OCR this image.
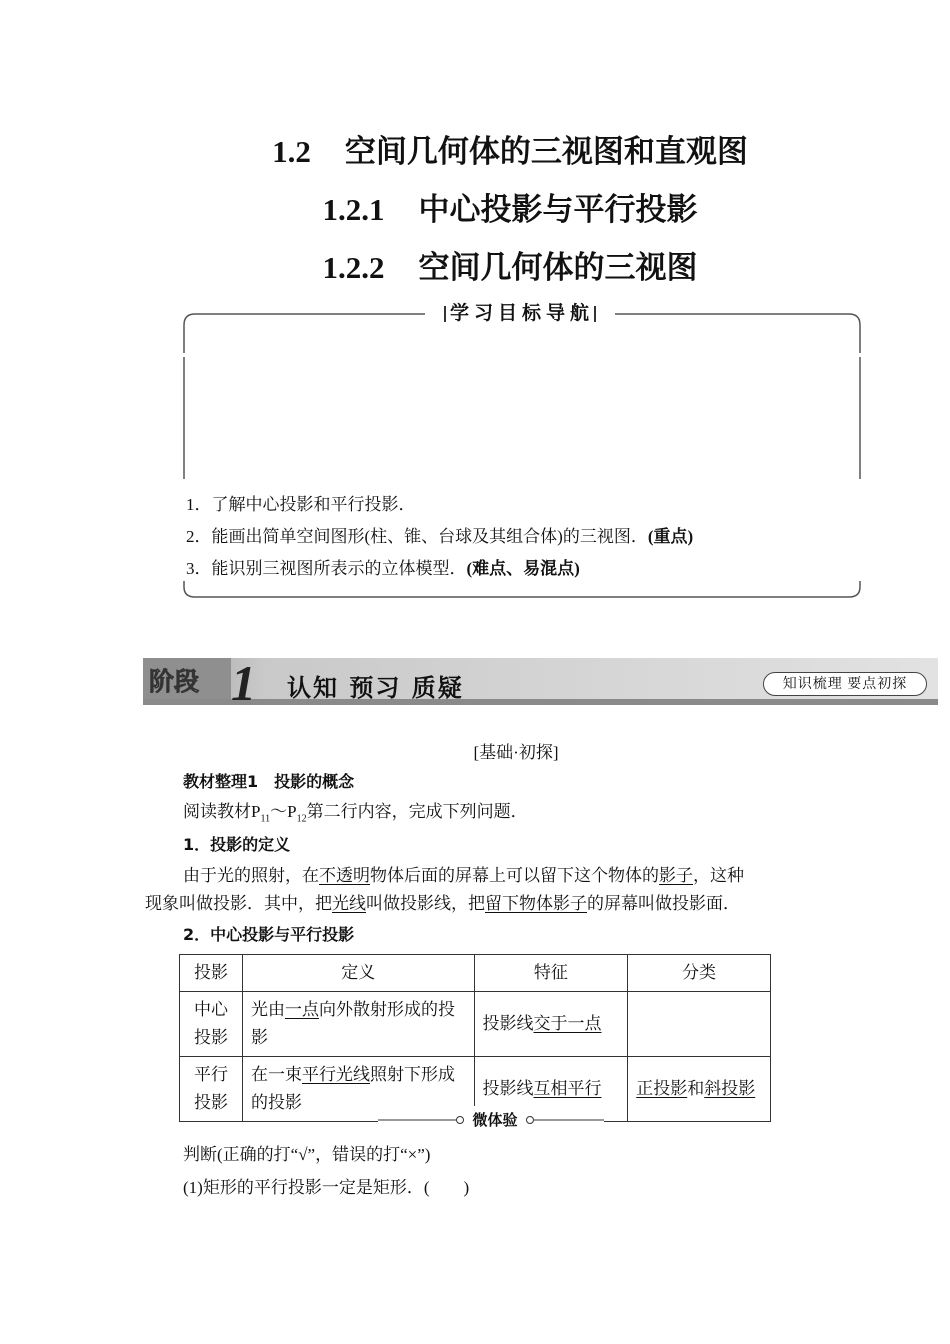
1.2 空间几何体的三视图和直观图
1.2.1 中心投影与平行投影
1.2.2 空间几何体的三视图
学习目标导航
1．了解中心投影和平行投影．
2．能画出简单空间图形(柱、锥、台球及其组合体)的三视图．(重点)
3．能识别三视图所表示的立体模型．(难点、易混点)
阶段 1 认知 预习 质疑	知识梳理 要点初探
[基础·初探]
教材整理1　投影的概念
阅读教材$P_{11}\sim P_{12}$第二行内容，完成下列问题．
1．投影的定义
由于光的照射，在不透明物体后面的屏幕上可以留下这个物体的影子，这种
现象叫做投影．其中，把光线叫做投影线，把留下物体影子的屏幕叫做投影面．
2．中心投影与平行投影
投影	定义	特征	分类
中心投影	光由一点向外散射形成的投影	投影线交于一点	
平行投影	在一束平行光线照射下形成的投影	投影线互相平行	正投影和斜投影
微体验
判断(正确的打“√”，错误的打“×”)
(1)矩形的平行投影一定是矩形．(　　)
